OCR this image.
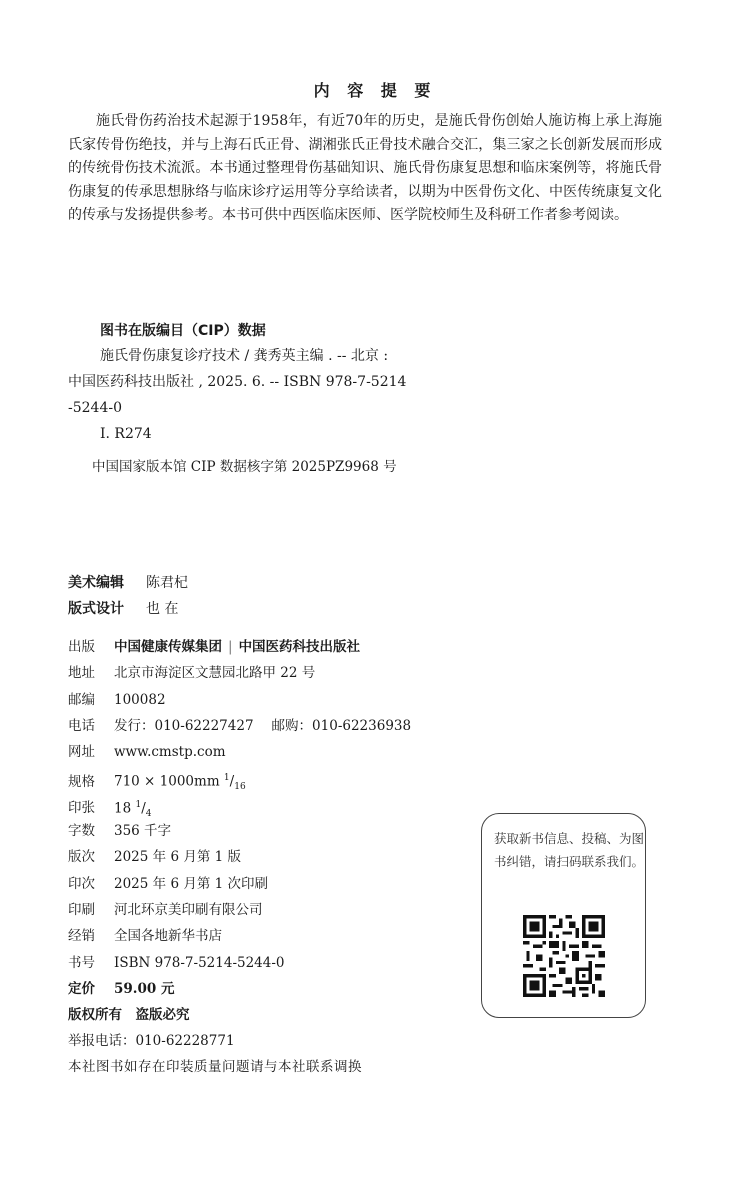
内 容 提 要
施氏骨伤药治技术起源于1958年，有近70年的历史，是施氏骨伤创始人施访梅上承上海施氏家传骨伤绝技，并与上海石氏正骨、湖湘张氏正骨技术融合交汇，集三家之长创新发展而形成的传统骨伤技术流派。本书通过整理骨伤基础知识、施氏骨伤康复思想和临床案例等，将施氏骨伤康复的传承思想脉络与临床诊疗运用等分享给读者，以期为中医骨伤文化、中医传统康复文化的传承与发扬提供参考。本书可供中西医临床医师、医学院校师生及科研工作者参考阅读。
图书在版编目（CIP）数据
施氏骨伤康复诊疗技术 / 龚秀英主编 . -- 北京 :
中国医药科技出版社 , 2025. 6. -- ISBN 978-7-5214
-5244-0
Ⅰ. R274
中国国家版本馆 CIP 数据核字第 2025PZ9968 号
美术编辑 陈君杞
版式设计 也 在
出版 中国健康传媒集团 | 中国医药科技出版社
地址 北京市海淀区文慧园北路甲 22 号
邮编 100082
电话 发行：010-62227427 邮购：010-62236938
网址 www.cmstp.com
规格 710 × 1000mm $^1/_{16}$
印张 18 $^1/_4$
字数 356 千字
版次 2025 年 6 月第 1 版
印次 2025 年 6 月第 1 次印刷
印刷 河北环京美印刷有限公司
经销 全国各地新华书店
书号 ISBN 978-7-5214-5244-0
定价 59.00 元
版权所有　盗版必究
举报电话：010-62228771
本社图书如存在印装质量问题请与本社联系调换
获取新书信息、投稿、为图书纠错，请扫码联系我们。
